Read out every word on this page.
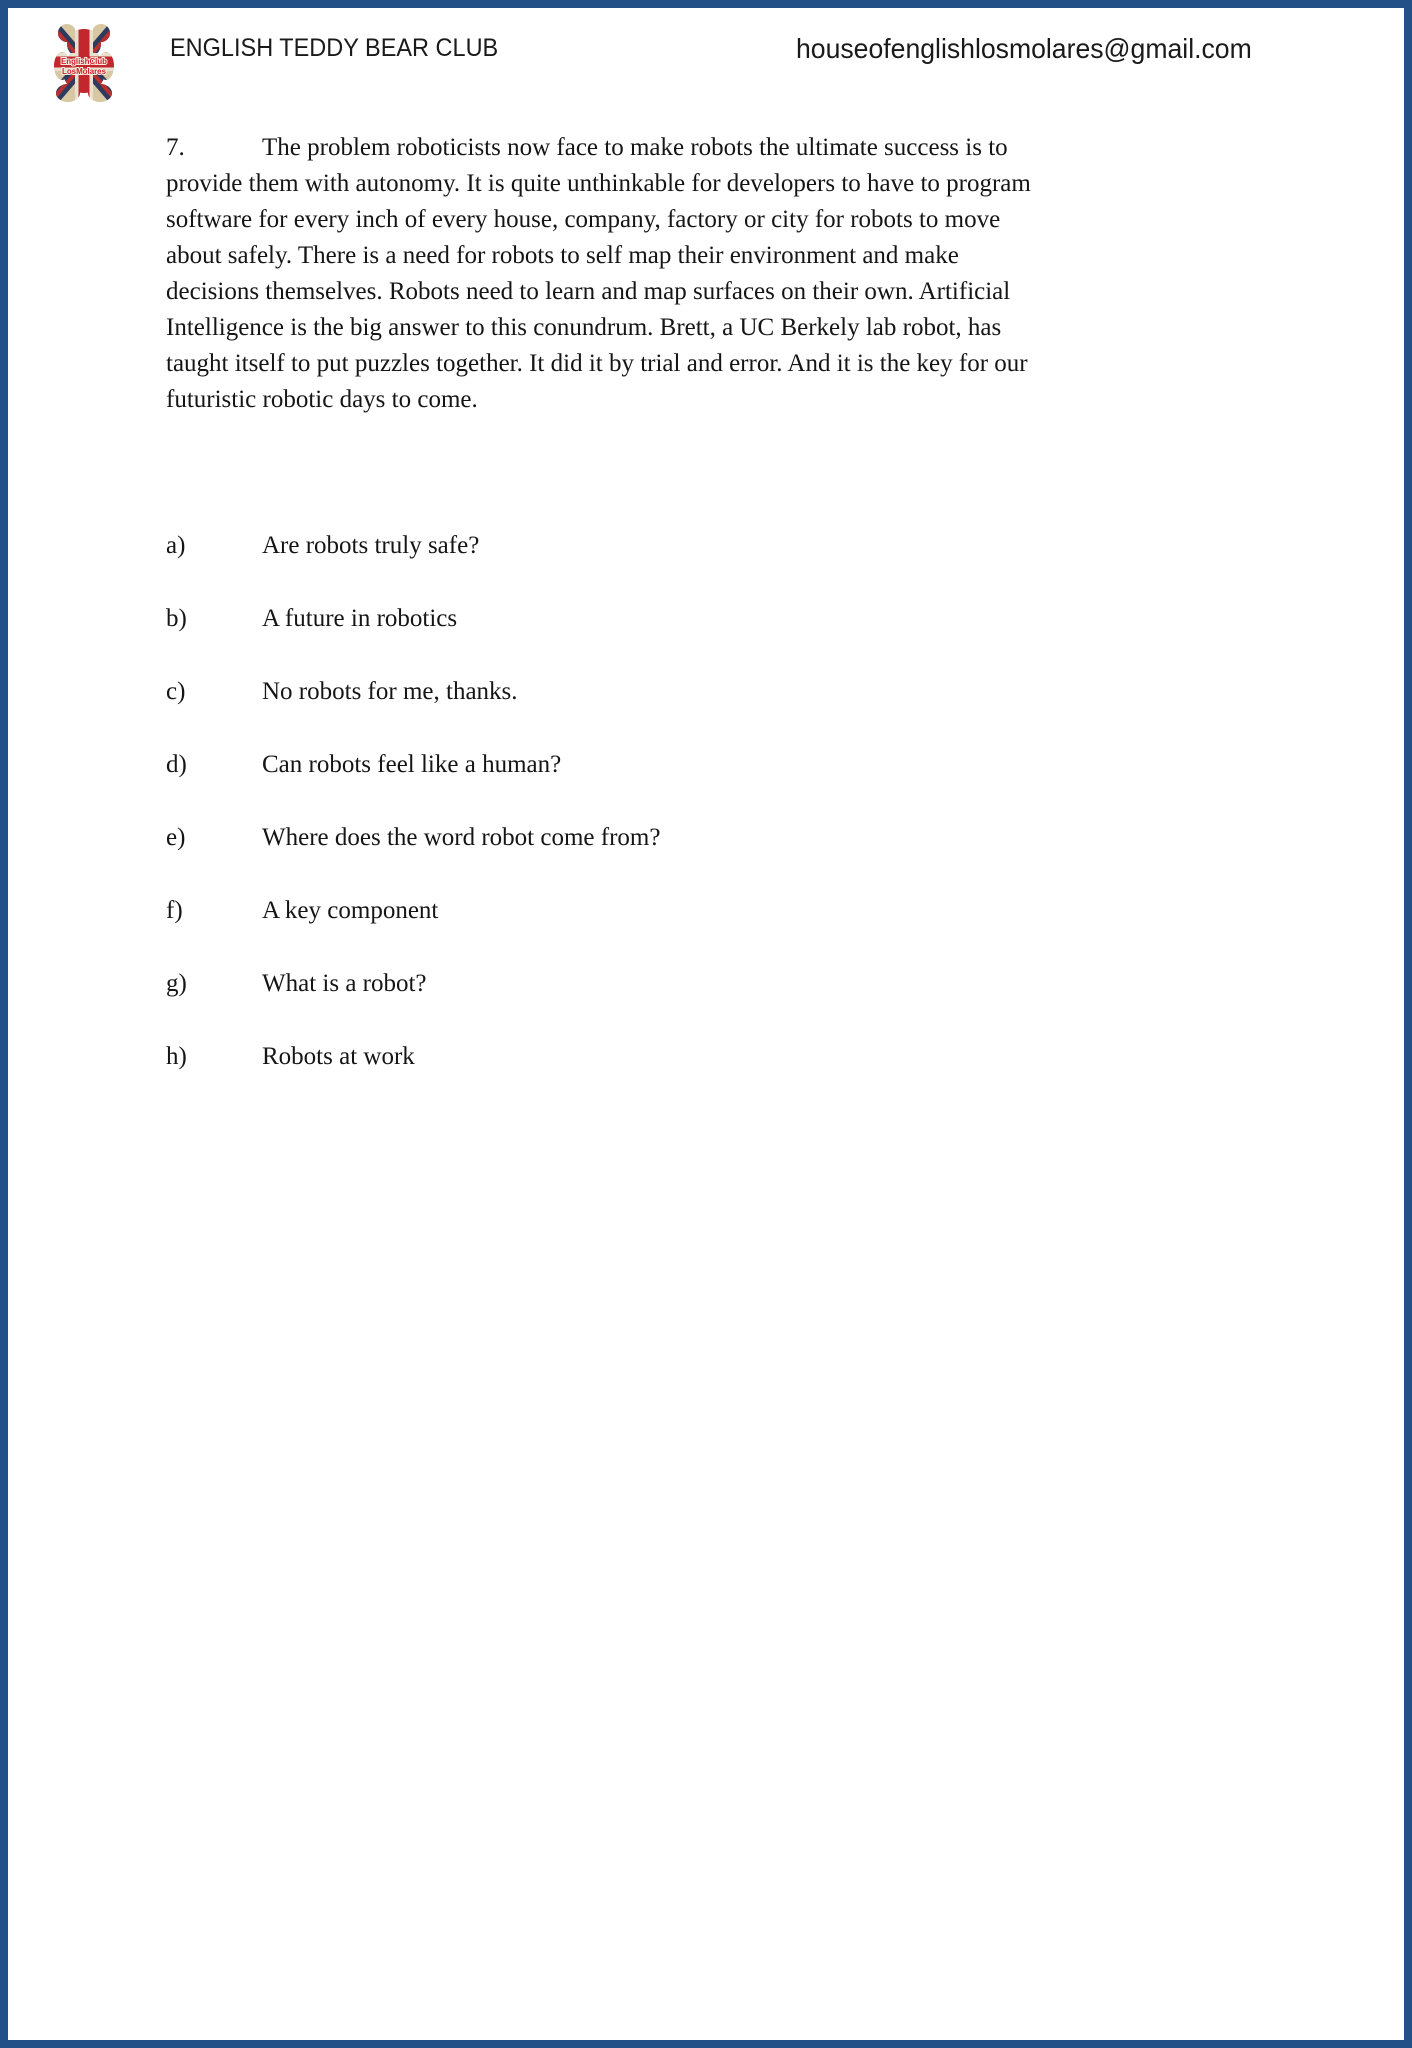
EnglishClub
LosMolares
ENGLISH TEDDY BEAR CLUB	houseofenglishlosmolares@gmail.com
7.	The problem roboticists now face to make robots the ultimate success is to
provide them with autonomy. It is quite unthinkable for developers to have to program
software for every inch of every house, company, factory or city for robots to move
about safely. There is a need for robots to self map their environment and make
decisions themselves. Robots need to learn and map surfaces on their own. Artificial
Intelligence is the big answer to this conundrum. Brett, a UC Berkely lab robot, has
taught itself to put puzzles together. It did it by trial and error. And it is the key for our
futuristic robotic days to come.
a)	Are robots truly safe?
b)	A future in robotics
c)	No robots for me, thanks.
d)	Can robots feel like a human?
e)	Where does the word robot come from?
f)	A key component
g)	What is a robot?
h)	Robots at work
